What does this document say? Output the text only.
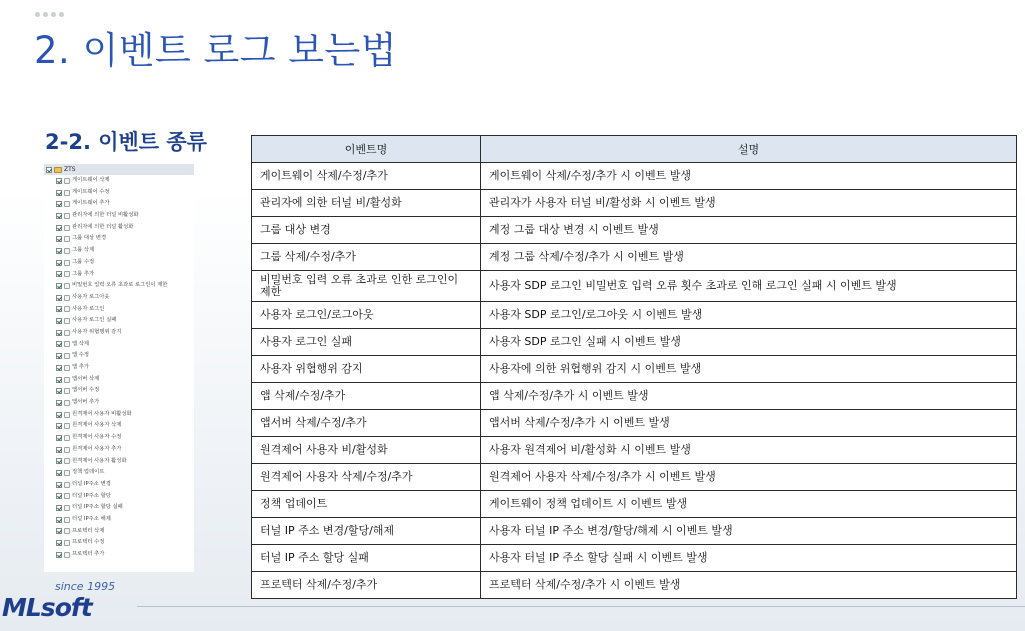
2. 이벤트 로그 보는법
2-2. 이벤트 종류
ZTS
게이트웨이 삭제
게이트웨이 수정
게이트웨이 추가
관리자에 의한 터널 비활성화
관리자에 의한 터널 활성화
그룹 대상 변경
그룹 삭제
그룹 수정
그룹 추가
비밀번호 입력 오류 초과로 로그인이 제한
사용자 로그아웃
사용자 로그인
사용자 로그인 실패
사용자 위협행위 감지
앱 삭제
앱 수정
앱 추가
앱서버 삭제
앱서버 수정
앱서버 추가
원격제어 사용자 비활성화
원격제어 사용자 삭제
원격제어 사용자 수정
원격제어 사용자 추가
원격제어 사용자 활성화
정책 업데이트
터널 IP주소 변경
터널 IP주소 할당
터널 IP주소 할당 실패
터널 IP주소 해제
프로텍터 삭제
프로텍터 수정
프로텍터 추가
이벤트명	설명
게이트웨이 삭제/수정/추가	게이트웨이 삭제/수정/추가 시 이벤트 발생
관리자에 의한 터널 비/활성화	관리자가 사용자 터널 비/활성화 시 이벤트 발생
그룹 대상 변경	계정 그룹 대상 변경 시 이벤트 발생
그룹 삭제/수정/추가	계정 그룹 삭제/수정/추가 시 이벤트 발생
비밀번호 입력 오류 초과로 인한 로그인이 제한	사용자 SDP 로그인 비밀번호 입력 오류 횟수 초과로 인해 로그인 실패 시 이벤트 발생
사용자 로그인/로그아웃	사용자 SDP 로그인/로그아웃 시 이벤트 발생
사용자 로그인 실패	사용자 SDP 로그인 실패 시 이벤트 발생
사용자 위협행위 감지	사용자에 의한 위협행위 감지 시 이벤트 발생
앱 삭제/수정/추가	앱 삭제/수정/추가 시 이벤트 발생
앱서버 삭제/수정/추가	앱서버 삭제/수정/추가 시 이벤트 발생
원격제어 사용자 비/활성화	사용자 원격제어 비/활성화 시 이벤트 발생
원격제어 사용자 삭제/수정/추가	원격제어 사용자 삭제/수정/추가 시 이벤트 발생
정책 업데이트	게이트웨이 정책 업데이트 시 이벤트 발생
터널 IP 주소 변경/할당/해제	사용자 터널 IP 주소 변경/할당/해제 시 이벤트 발생
터널 IP 주소 할당 실패	사용자 터널 IP 주소 할당 실패 시 이벤트 발생
프로텍터 삭제/수정/추가	프로텍터 삭제/수정/추가 시 이벤트 발생
since 1995
MLsoft
